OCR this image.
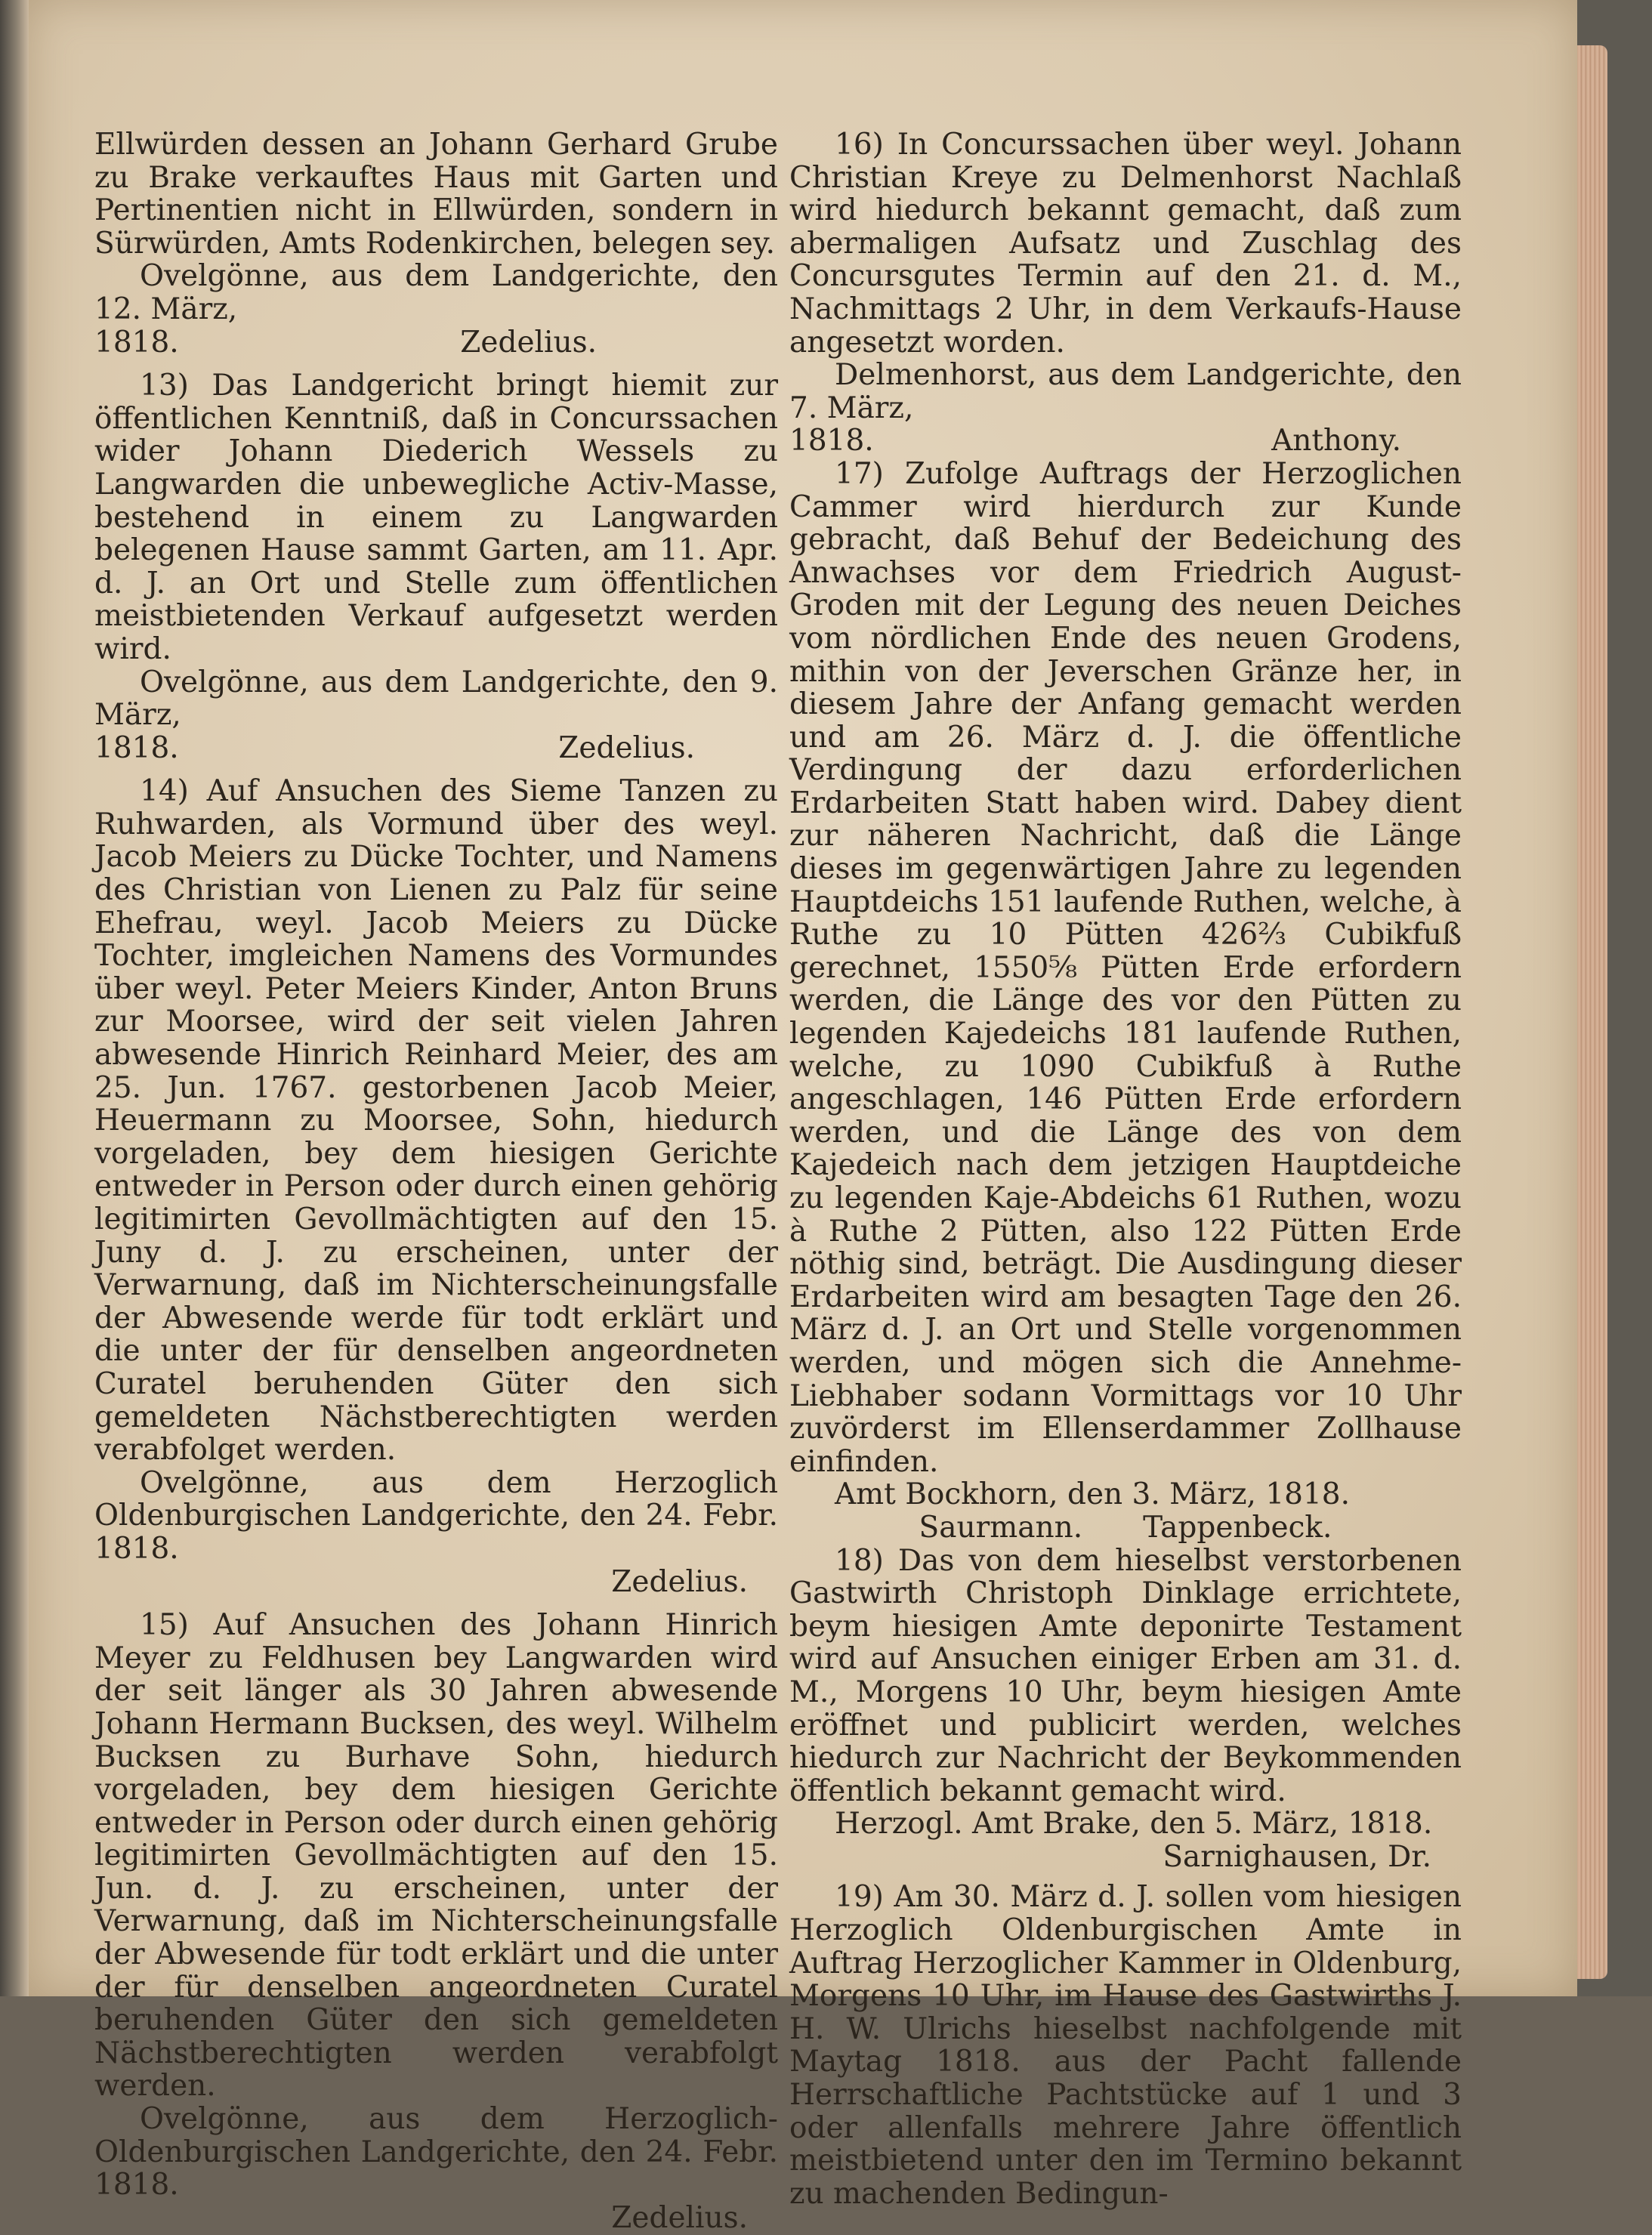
Ellwürden dessen an Johann Gerhard Grube zu Brake verkauftes Haus mit Garten und Pertinentien nicht in Ellwürden, sondern in Sürwürden, Amts Rodenkirchen, belegen sey.

Ovelgönne, aus dem Landgerichte, den 12. März,

1818.	Zedelius.

13) Das Landgericht bringt hiemit zur öffentlichen Kenntniß, daß in Concurssachen wider Johann Diederich Wessels zu Langwarden die unbewegliche Activ-Masse, bestehend in einem zu Langwarden belegenen Hause sammt Garten, am 11. Apr. d. J. an Ort und Stelle zum öffentlichen meistbietenden Verkauf aufgesetzt werden wird.

Ovelgönne, aus dem Landgerichte, den 9. März,

1818.	Zedelius.

14) Auf Ansuchen des Sieme Tanzen zu Ruhwarden, als Vormund über des weyl. Jacob Meiers zu Dücke Tochter, und Namens des Christian von Lienen zu Palz für seine Ehefrau, weyl. Jacob Meiers zu Dücke Tochter, imgleichen Namens des Vormundes über weyl. Peter Meiers Kinder, Anton Bruns zur Moorsee, wird der seit vielen Jahren abwesende Hinrich Reinhard Meier, des am 25. Jun. 1767. gestorbenen Jacob Meier, Heuermann zu Moorsee, Sohn, hiedurch vorgeladen, bey dem hiesigen Gerichte entweder in Person oder durch einen gehörig legitimirten Gevollmächtigten auf den 15. Juny d. J. zu erscheinen, unter der Verwarnung, daß im Nichterscheinungsfalle der Abwesende werde für todt erklärt und die unter der für denselben angeordneten Curatel beruhenden Güter den sich gemeldeten Nächstberechtigten werden verabfolget werden.

Ovelgönne, aus dem Herzoglich Oldenburgischen Landgerichte, den 24. Febr. 1818.

Zedelius.

15) Auf Ansuchen des Johann Hinrich Meyer zu Feldhusen bey Langwarden wird der seit länger als 30 Jahren abwesende Johann Hermann Bucksen, des weyl. Wilhelm Bucksen zu Burhave Sohn, hiedurch vorgeladen, bey dem hiesigen Gerichte entweder in Person oder durch einen gehörig legitimirten Gevollmächtigten auf den 15. Jun. d. J. zu erscheinen, unter der Verwarnung, daß im Nichterscheinungsfalle der Abwesende für todt erklärt und die unter der für denselben angeordneten Curatel beruhenden Güter den sich gemeldeten Nächstberechtigten werden verabfolgt werden.

Ovelgönne, aus dem Herzoglich-Oldenburgischen Landgerichte, den 24. Febr. 1818.

Zedelius.

16) In Concurssachen über weyl. Johann Christian Kreye zu Delmenhorst Nachlaß wird hiedurch bekannt gemacht, daß zum abermaligen Aufsatz und Zuschlag des Concursgutes Termin auf den 21. d. M., Nachmittags 2 Uhr, in dem Verkaufs-Hause angesetzt worden.

Delmenhorst, aus dem Landgerichte, den 7. März,

1818.	Anthony.

17) Zufolge Auftrags der Herzoglichen Cammer wird hierdurch zur Kunde gebracht, daß Behuf der Bedeichung des Anwachses vor dem Friedrich August-Groden mit der Legung des neuen Deiches vom nördlichen Ende des neuen Grodens, mithin von der Jeverschen Gränze her, in diesem Jahre der Anfang gemacht werden und am 26. März d. J. die öffentliche Verdingung der dazu erforderlichen Erdarbeiten Statt haben wird. Dabey dient zur näheren Nachricht, daß die Länge dieses im gegenwärtigen Jahre zu legenden Hauptdeichs 151 laufende Ruthen, welche, à Ruthe zu 10 Pütten 426⅔ Cubikfuß gerechnet, 1550⅝ Pütten Erde erfordern werden, die Länge des vor den Pütten zu legenden Kajedeichs 181 laufende Ruthen, welche, zu 1090 Cubikfuß à Ruthe angeschlagen, 146 Pütten Erde erfordern werden, und die Länge des von dem Kajedeich nach dem jetzigen Hauptdeiche zu legenden Kaje-Abdeichs 61 Ruthen, wozu à Ruthe 2 Pütten, also 122 Pütten Erde nöthig sind, beträgt. Die Ausdingung dieser Erdarbeiten wird am besagten Tage den 26. März d. J. an Ort und Stelle vorgenommen werden, und mögen sich die Annehme-Liebhaber sodann Vormittags vor 10 Uhr zuvörderst im Ellenserdammer Zollhause einfinden.

Amt Bockhorn, den 3. März, 1818.

Saurmann. Tappenbeck.

18) Das von dem hieselbst verstorbenen Gastwirth Christoph Dinklage errichtete, beym hiesigen Amte deponirte Testament wird auf Ansuchen einiger Erben am 31. d. M., Morgens 10 Uhr, beym hiesigen Amte eröffnet und publicirt werden, welches hiedurch zur Nachricht der Beykommenden öffentlich bekannt gemacht wird.

Herzogl. Amt Brake, den 5. März, 1818.

Sarnighausen, Dr.

19) Am 30. März d. J. sollen vom hiesigen Herzoglich Oldenburgischen Amte in Auftrag Herzoglicher Kammer in Oldenburg, Morgens 10 Uhr, im Hause des Gastwirths J. H. W. Ulrichs hieselbst nachfolgende mit Maytag 1818. aus der Pacht fallende Herrschaftliche Pachtstücke auf 1 und 3 oder allenfalls mehrere Jahre öffentlich meistbietend unter den im Termino bekannt zu machenden Bedingun-
